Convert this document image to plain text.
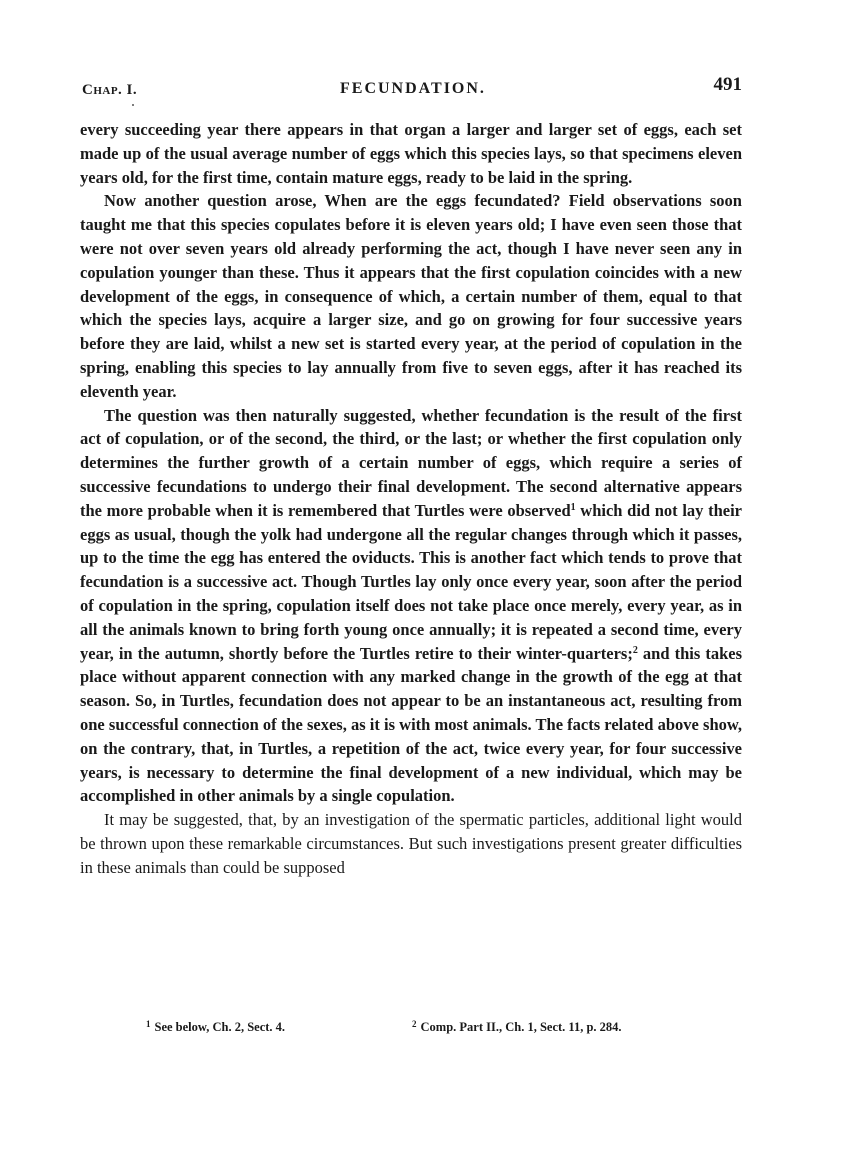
Chap. I.	FECUNDATION.	491

every succeeding year there appears in that organ a larger and larger set of eggs, each set made up of the usual average number of eggs which this species lays, so that specimens eleven years old, for the first time, contain mature eggs, ready to be laid in the spring.

Now another question arose, When are the eggs fecundated? Field observations soon taught me that this species copulates before it is eleven years old; I have even seen those that were not over seven years old already performing the act, though I have never seen any in copulation younger than these. Thus it appears that the first copulation coincides with a new development of the eggs, in consequence of which, a certain number of them, equal to that which the species lays, acquire a larger size, and go on growing for four successive years before they are laid, whilst a new set is started every year, at the period of copulation in the spring, enabling this species to lay annually from five to seven eggs, after it has reached its eleventh year.

The question was then naturally suggested, whether fecundation is the result of the first act of copulation, or of the second, the third, or the last; or whether the first copulation only determines the further growth of a certain number of eggs, which require a series of successive fecundations to undergo their final development. The second alternative appears the more probable when it is remembered that Turtles were observed$^1$ which did not lay their eggs as usual, though the yolk had undergone all the regular changes through which it passes, up to the time the egg has entered the oviducts. This is another fact which tends to prove that fecundation is a successive act. Though Turtles lay only once every year, soon after the period of copulation in the spring, copulation itself does not take place once merely, every year, as in all the animals known to bring forth young once annually; it is repeated a second time, every year, in the autumn, shortly before the Turtles retire to their winter-quarters;$^2$ and this takes place without apparent connection with any marked change in the growth of the egg at that season. So, in Turtles, fecundation does not appear to be an instantaneous act, resulting from one successful connection of the sexes, as it is with most animals. The facts related above show, on the contrary, that, in Turtles, a repetition of the act, twice every year, for four successive years, is necessary to determine the final development of a new individual, which may be accomplished in other animals by a single copulation.

It may be suggested, that, by an investigation of the spermatic particles, additional light would be thrown upon these remarkable circumstances. But such investigations present greater difficulties in these animals than could be supposed

$^1$ See below, Ch. 2, Sect. 4.	$^2$ Comp. Part II., Ch. 1, Sect. 11, p. 284.
